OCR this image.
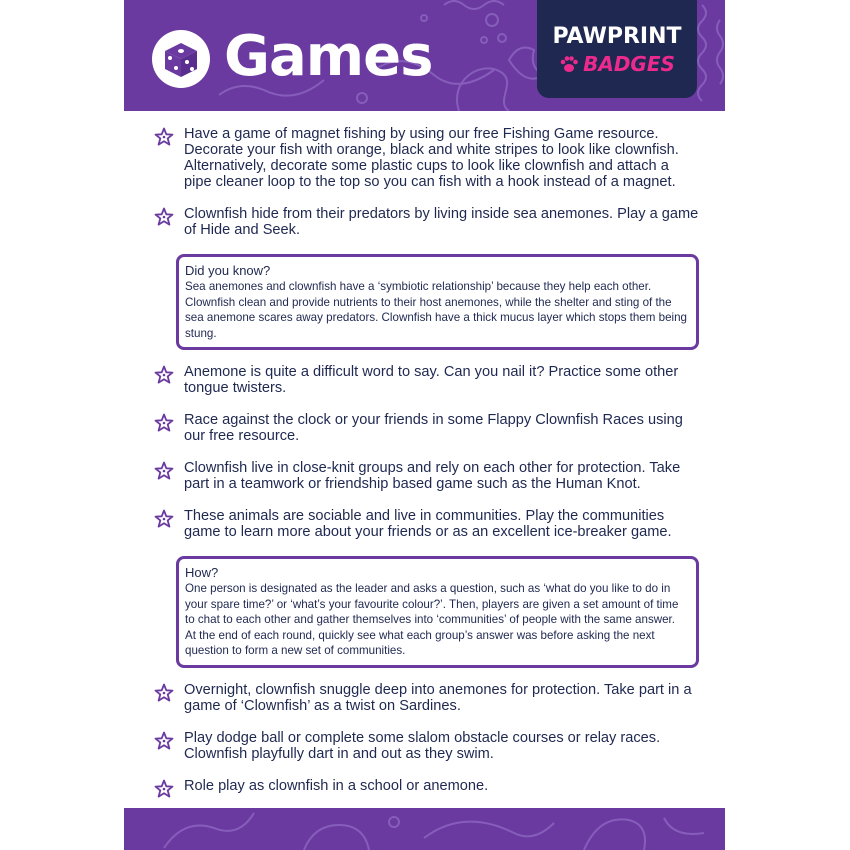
Games	PAWPRINT
BADGES
Have a game of magnet fishing by using our free Fishing Game resource. Decorate your fish with orange, black and white stripes to look like clownfish. Alternatively, decorate some plastic cups to look like clownfish and attach a pipe cleaner loop to the top so you can fish with a hook instead of a magnet.
Clownfish hide from their predators by living inside sea anemones. Play a game of Hide and Seek.
Did you know?
Sea anemones and clownfish have a ‘symbiotic relationship’ because they help each other. Clownfish clean and provide nutrients to their host anemones, while the shelter and sting of the sea anemone scares away predators. Clownfish have a thick mucus layer which stops them being stung.
Anemone is quite a difficult word to say. Can you nail it? Practice some other tongue twisters.
Race against the clock or your friends in some Flappy Clownfish Races using our free resource.
Clownfish live in close-knit groups and rely on each other for protection. Take part in a teamwork or friendship based game such as the Human Knot.
These animals are sociable and live in communities. Play the communities game to learn more about your friends or as an excellent ice-breaker game.
How?
One person is designated as the leader and asks a question, such as ‘what do you like to do in your spare time?’ or ‘what’s your favourite colour?’. Then, players are given a set amount of time to chat to each other and gather themselves into ‘communities’ of people with the same answer. At the end of each round, quickly see what each group’s answer was before asking the next question to form a new set of communities.
Overnight, clownfish snuggle deep into anemones for protection. Take part in a game of ‘Clownfish’ as a twist on Sardines.
Play dodge ball or complete some slalom obstacle courses or relay races. Clownfish playfully dart in and out as they swim.
Role play as clownfish in a school or anemone.
